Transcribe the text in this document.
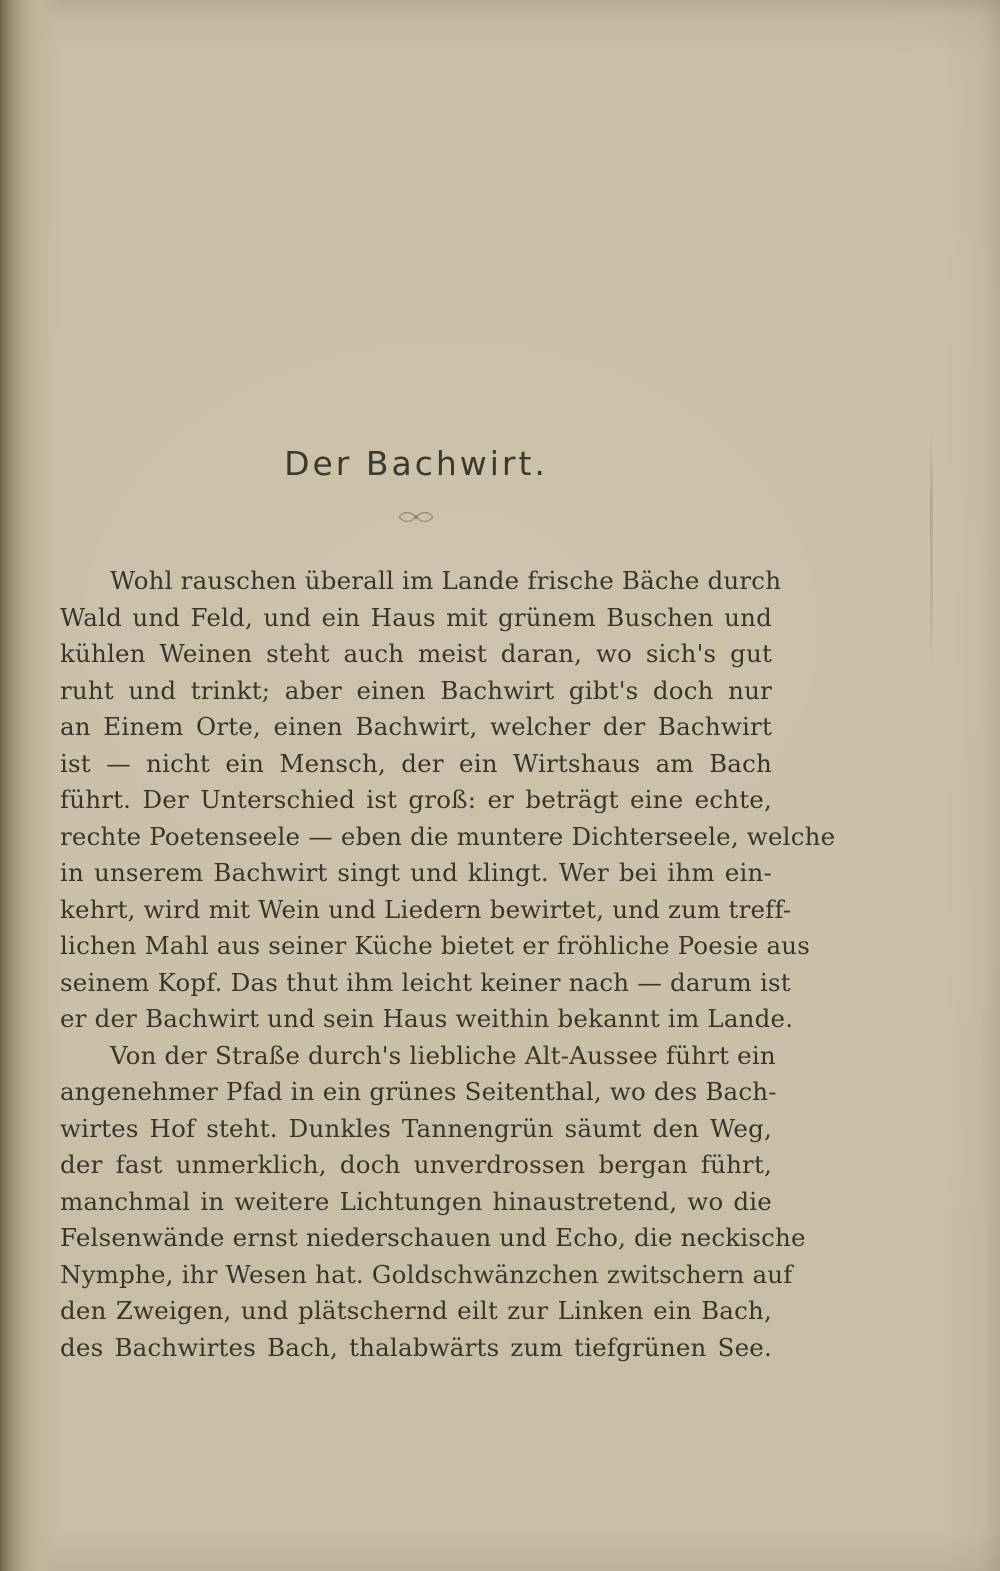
Der Bachwirt.
Wohl rauschen überall im Lande frische Bäche durch
Wald und Feld, und ein Haus mit grünem Buschen und
kühlen Weinen steht auch meist daran, wo sich's gut
ruht und trinkt; aber einen Bachwirt gibt's doch nur
an Einem Orte, einen Bachwirt, welcher der Bachwirt
ist — nicht ein Mensch, der ein Wirtshaus am Bach
führt. Der Unterschied ist groß: er beträgt eine echte,
rechte Poetenseele — eben die muntere Dichterseele, welche
in unserem Bachwirt singt und klingt. Wer bei ihm ein-
kehrt, wird mit Wein und Liedern bewirtet, und zum treff-
lichen Mahl aus seiner Küche bietet er fröhliche Poesie aus
seinem Kopf. Das thut ihm leicht keiner nach — darum ist
er der Bachwirt und sein Haus weithin bekannt im Lande.
Von der Straße durch's liebliche Alt-Aussee führt ein
angenehmer Pfad in ein grünes Seitenthal, wo des Bach-
wirtes Hof steht. Dunkles Tannengrün säumt den Weg,
der fast unmerklich, doch unverdrossen bergan führt,
manchmal in weitere Lichtungen hinaustretend, wo die
Felsenwände ernst niederschauen und Echo, die neckische
Nymphe, ihr Wesen hat. Goldschwänzchen zwitschern auf
den Zweigen, und plätschernd eilt zur Linken ein Bach,
des Bachwirtes Bach, thalabwärts zum tiefgrünen See.
